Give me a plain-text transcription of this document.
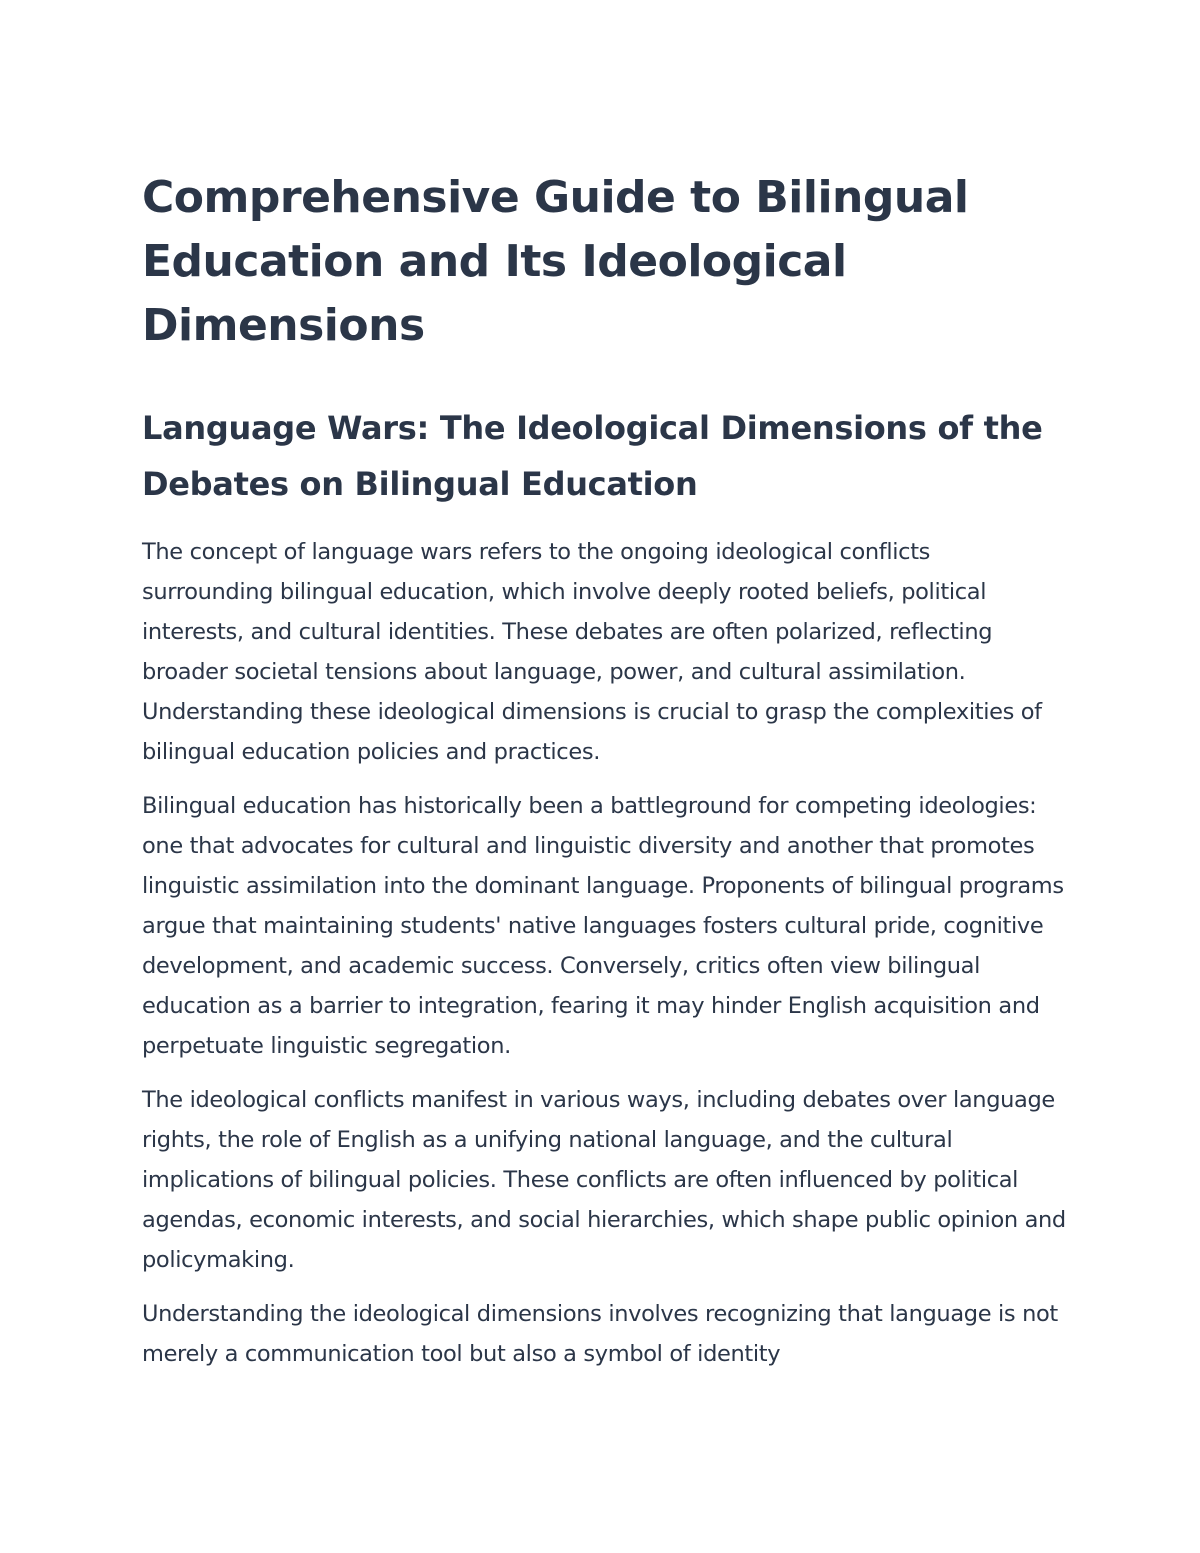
Comprehensive Guide to Bilingual Education and Its Ideological Dimensions
Language Wars: The Ideological Dimensions of the Debates on Bilingual Education

The concept of language wars refers to the ongoing ideological conflicts surrounding bilingual education, which involve deeply rooted beliefs, political interests, and cultural identities. These debates are often polarized, reflecting broader societal tensions about language, power, and cultural assimilation. Understanding these ideological dimensions is crucial to grasp the complexities of bilingual education policies and practices.

Bilingual education has historically been a battleground for competing ideologies: one that advocates for cultural and linguistic diversity and another that promotes linguistic assimilation into the dominant language. Proponents of bilingual programs argue that maintaining students' native languages fosters cultural pride, cognitive development, and academic success. Conversely, critics often view bilingual education as a barrier to integration, fearing it may hinder English acquisition and perpetuate linguistic segregation.

The ideological conflicts manifest in various ways, including debates over language rights, the role of English as a unifying national language, and the cultural implications of bilingual policies. These conflicts are often influenced by political agendas, economic interests, and social hierarchies, which shape public opinion and policymaking.

Understanding the ideological dimensions involves recognizing that language is not merely a communication tool but also a symbol of identity
